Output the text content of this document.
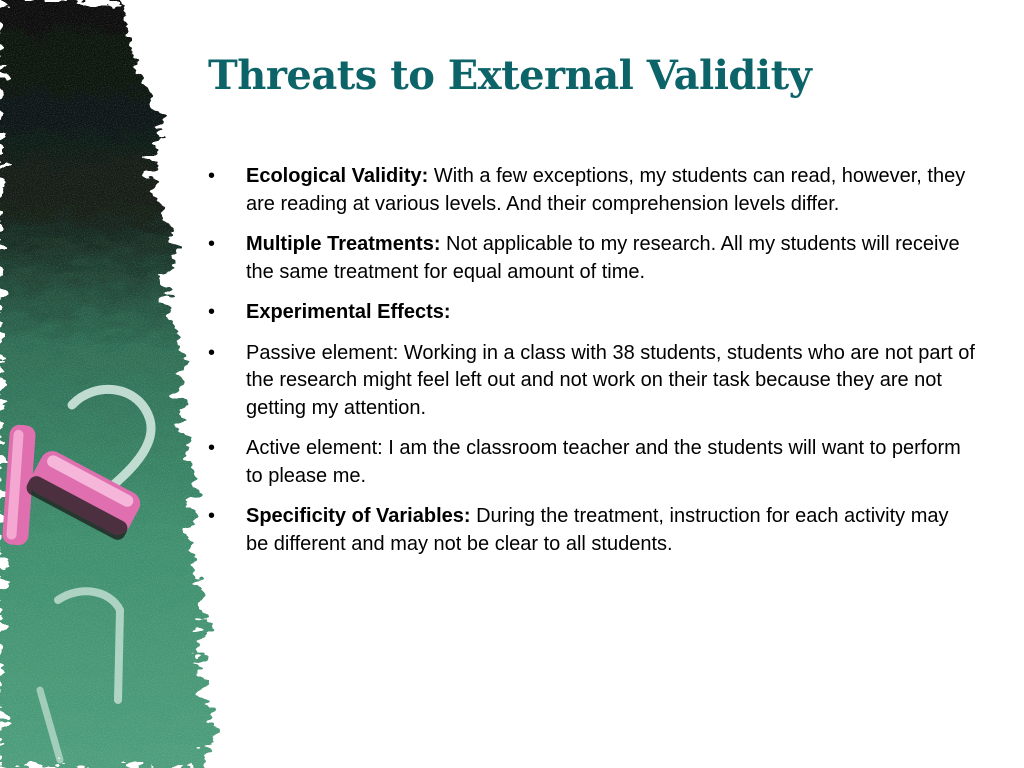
Threats to External Validity
•	Ecological Validity: With a few exceptions, my students can read, however, they are reading at various levels. And their comprehension levels differ.
•	Multiple Treatments: Not applicable to my research. All my students will receive the same treatment for equal amount of time.
•	Experimental Effects:
•	Passive element: Working in a class with 38 students, students who are not part of the research might feel left out and not work on their task because they are not getting my attention.
•	Active element: I am the classroom teacher and the students will want to perform to please me.
•	Specificity of Variables: During the treatment, instruction for each activity may be different and may not be clear to all students.
